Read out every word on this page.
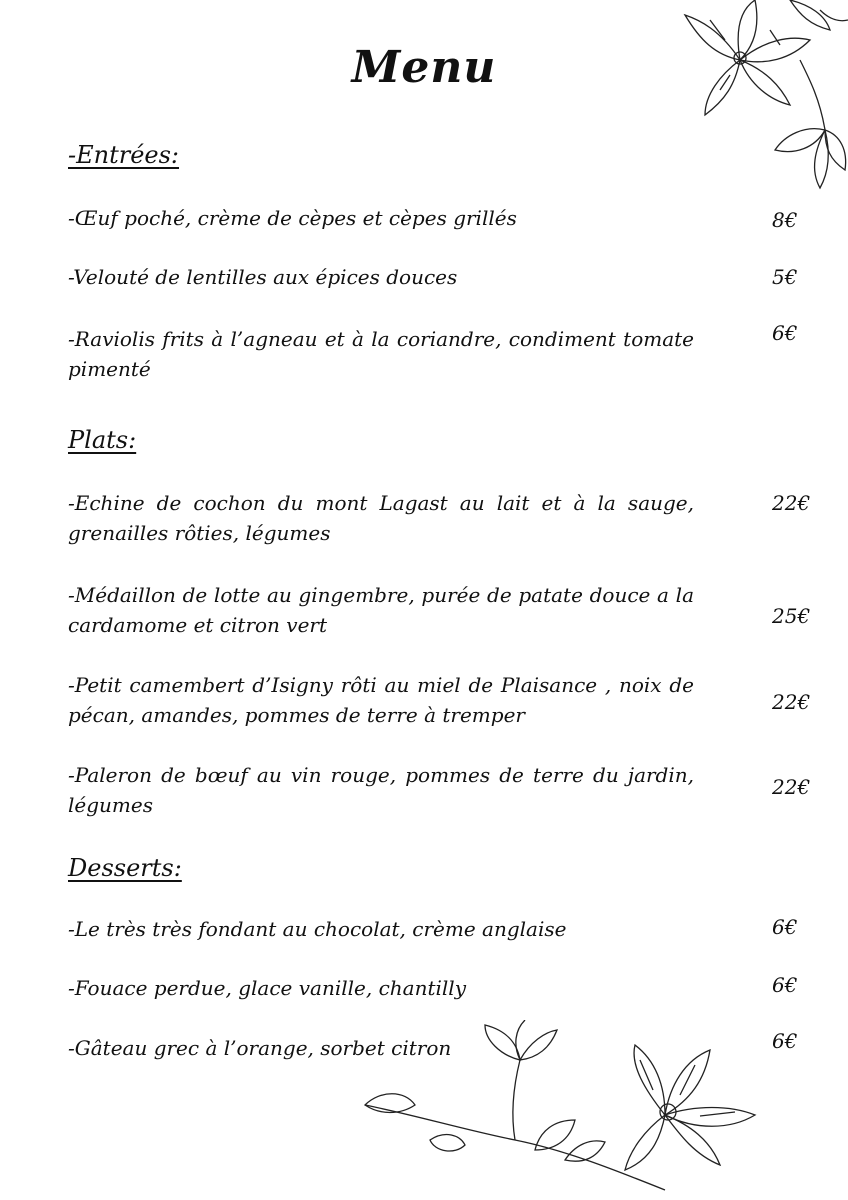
Menu
-Entrées:
-Œuf poché, crème de cèpes et cèpes grillés	8€
-Velouté de lentilles aux épices douces	5€
-Raviolis frits à l’agneau et à la coriandre, condiment tomate pimenté
6€
Plats:
-Echine de cochon du mont Lagast au lait et à la sauge, grenailles rôties, légumes
22€
-Médaillon de lotte au gingembre, purée de patate douce a la cardamome et citron vert	25€
-Petit camembert d’Isigny rôti au miel de Plaisance , noix de pécan, amandes, pommes de terre à tremper
22€
-Paleron de bœuf au vin rouge, pommes de terre du jardin, légumes
22€
Desserts:
-Le très très fondant au chocolat, crème anglaise	6€
-Fouace perdue, glace vanille, chantilly	6€
-Gâteau grec à l’orange, sorbet citron	6€
